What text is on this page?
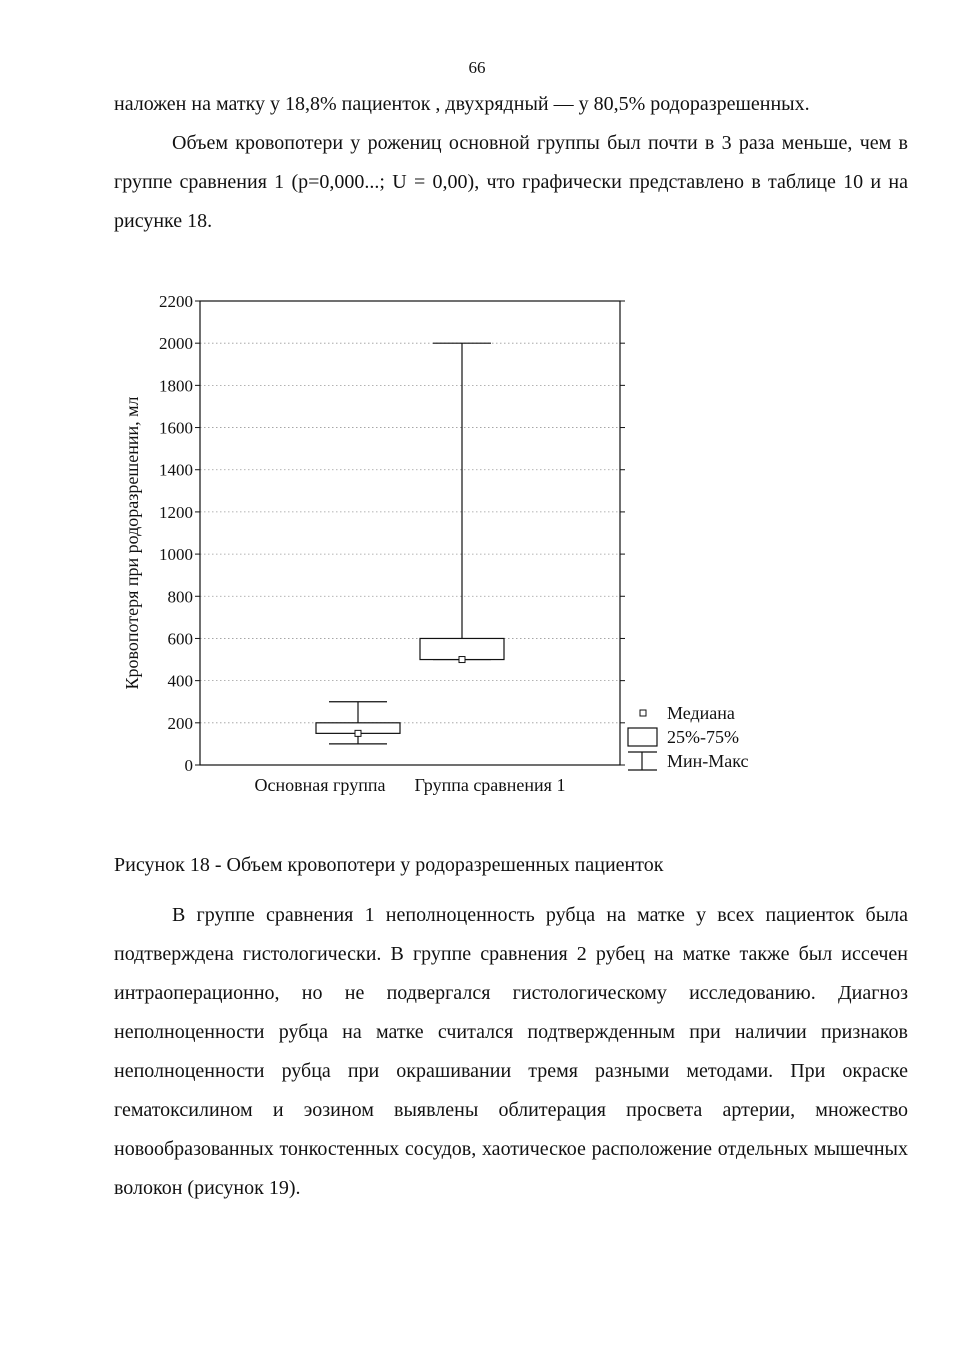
66

наложен на матку у 18,8% пациенток , двухрядный — у 80,5% родоразрешенных.

Объем кровопотери у рожениц основной группы был почти в 3 раза меньше, чем в группе сравнения 1 (р=0,000...; U = 0,00), что графически представлено в таблице 10 и на рисунке 18.

0
200
400
600
800
1000
1200
1400
1600
1800
2000
2200
Кровопотеря при родоразрешении, мл
Основная группа Группа сравнения 1
Медиана
25%-75%
Мин-Макс
Рисунок 18 - Объем кровопотери у родоразрешенных пациенток

В группе сравнения 1 неполноценность рубца на матке у всех пациенток была подтверждена гистологически. В группе сравнения 2 рубец на матке также был иссечен интраоперационно, но не подвергался гистологическому исследованию. Диагноз неполноценности рубца на матке считался подтвержденным при наличии признаков неполноценности рубца при окрашивании тремя разными методами. При окраске гематоксилином и эозином выявлены облитерация просвета артерии, множество новообразованных тонкостенных сосудов, хаотическое расположение отдельных мышечных волокон (рисунок 19).
